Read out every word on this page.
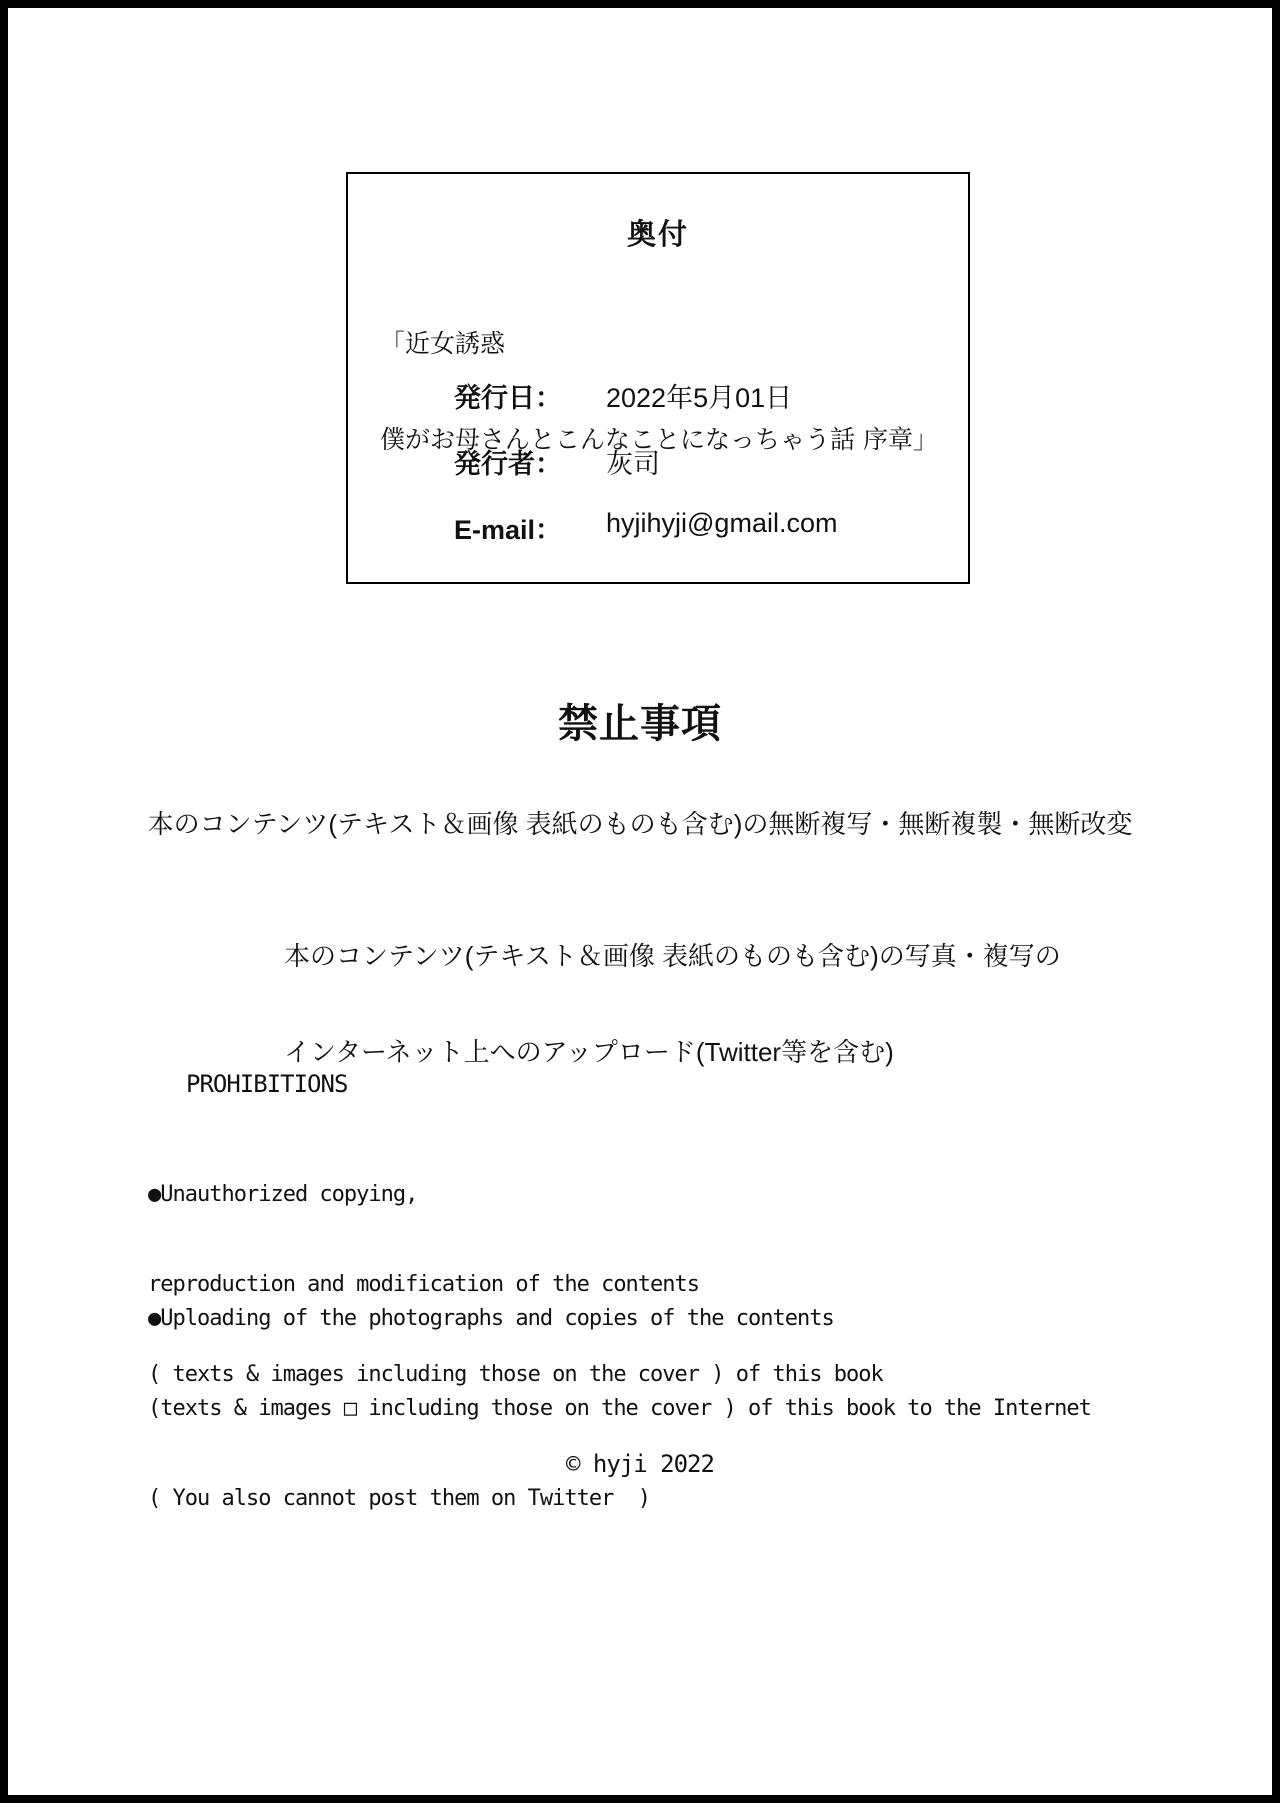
奥付

「近女誘惑

僕がお母さんとこんなことになっちゃう話 序章」

発行日：	2022年5月01日
発行者：	灰司
E-mail：	hyjihyji@gmail.com
禁止事項
本のコンテンツ(テキスト＆画像 表紙のものも含む)の無断複写・無断複製・無断改変

本のコンテンツ(テキスト＆画像 表紙のものも含む)の写真・複写の

インターネット上へのアップロード(Twitter等を含む)

PROHIBITIONS

●Unauthorized copying,

reproduction and modification of the contents

( texts & images including those on the cover ) of this book

●Uploading of the photographs and copies of the contents

(texts & images □ including those on the cover ) of this book to the Internet

( You also cannot post them on Twitter  )

© hyji 2022
